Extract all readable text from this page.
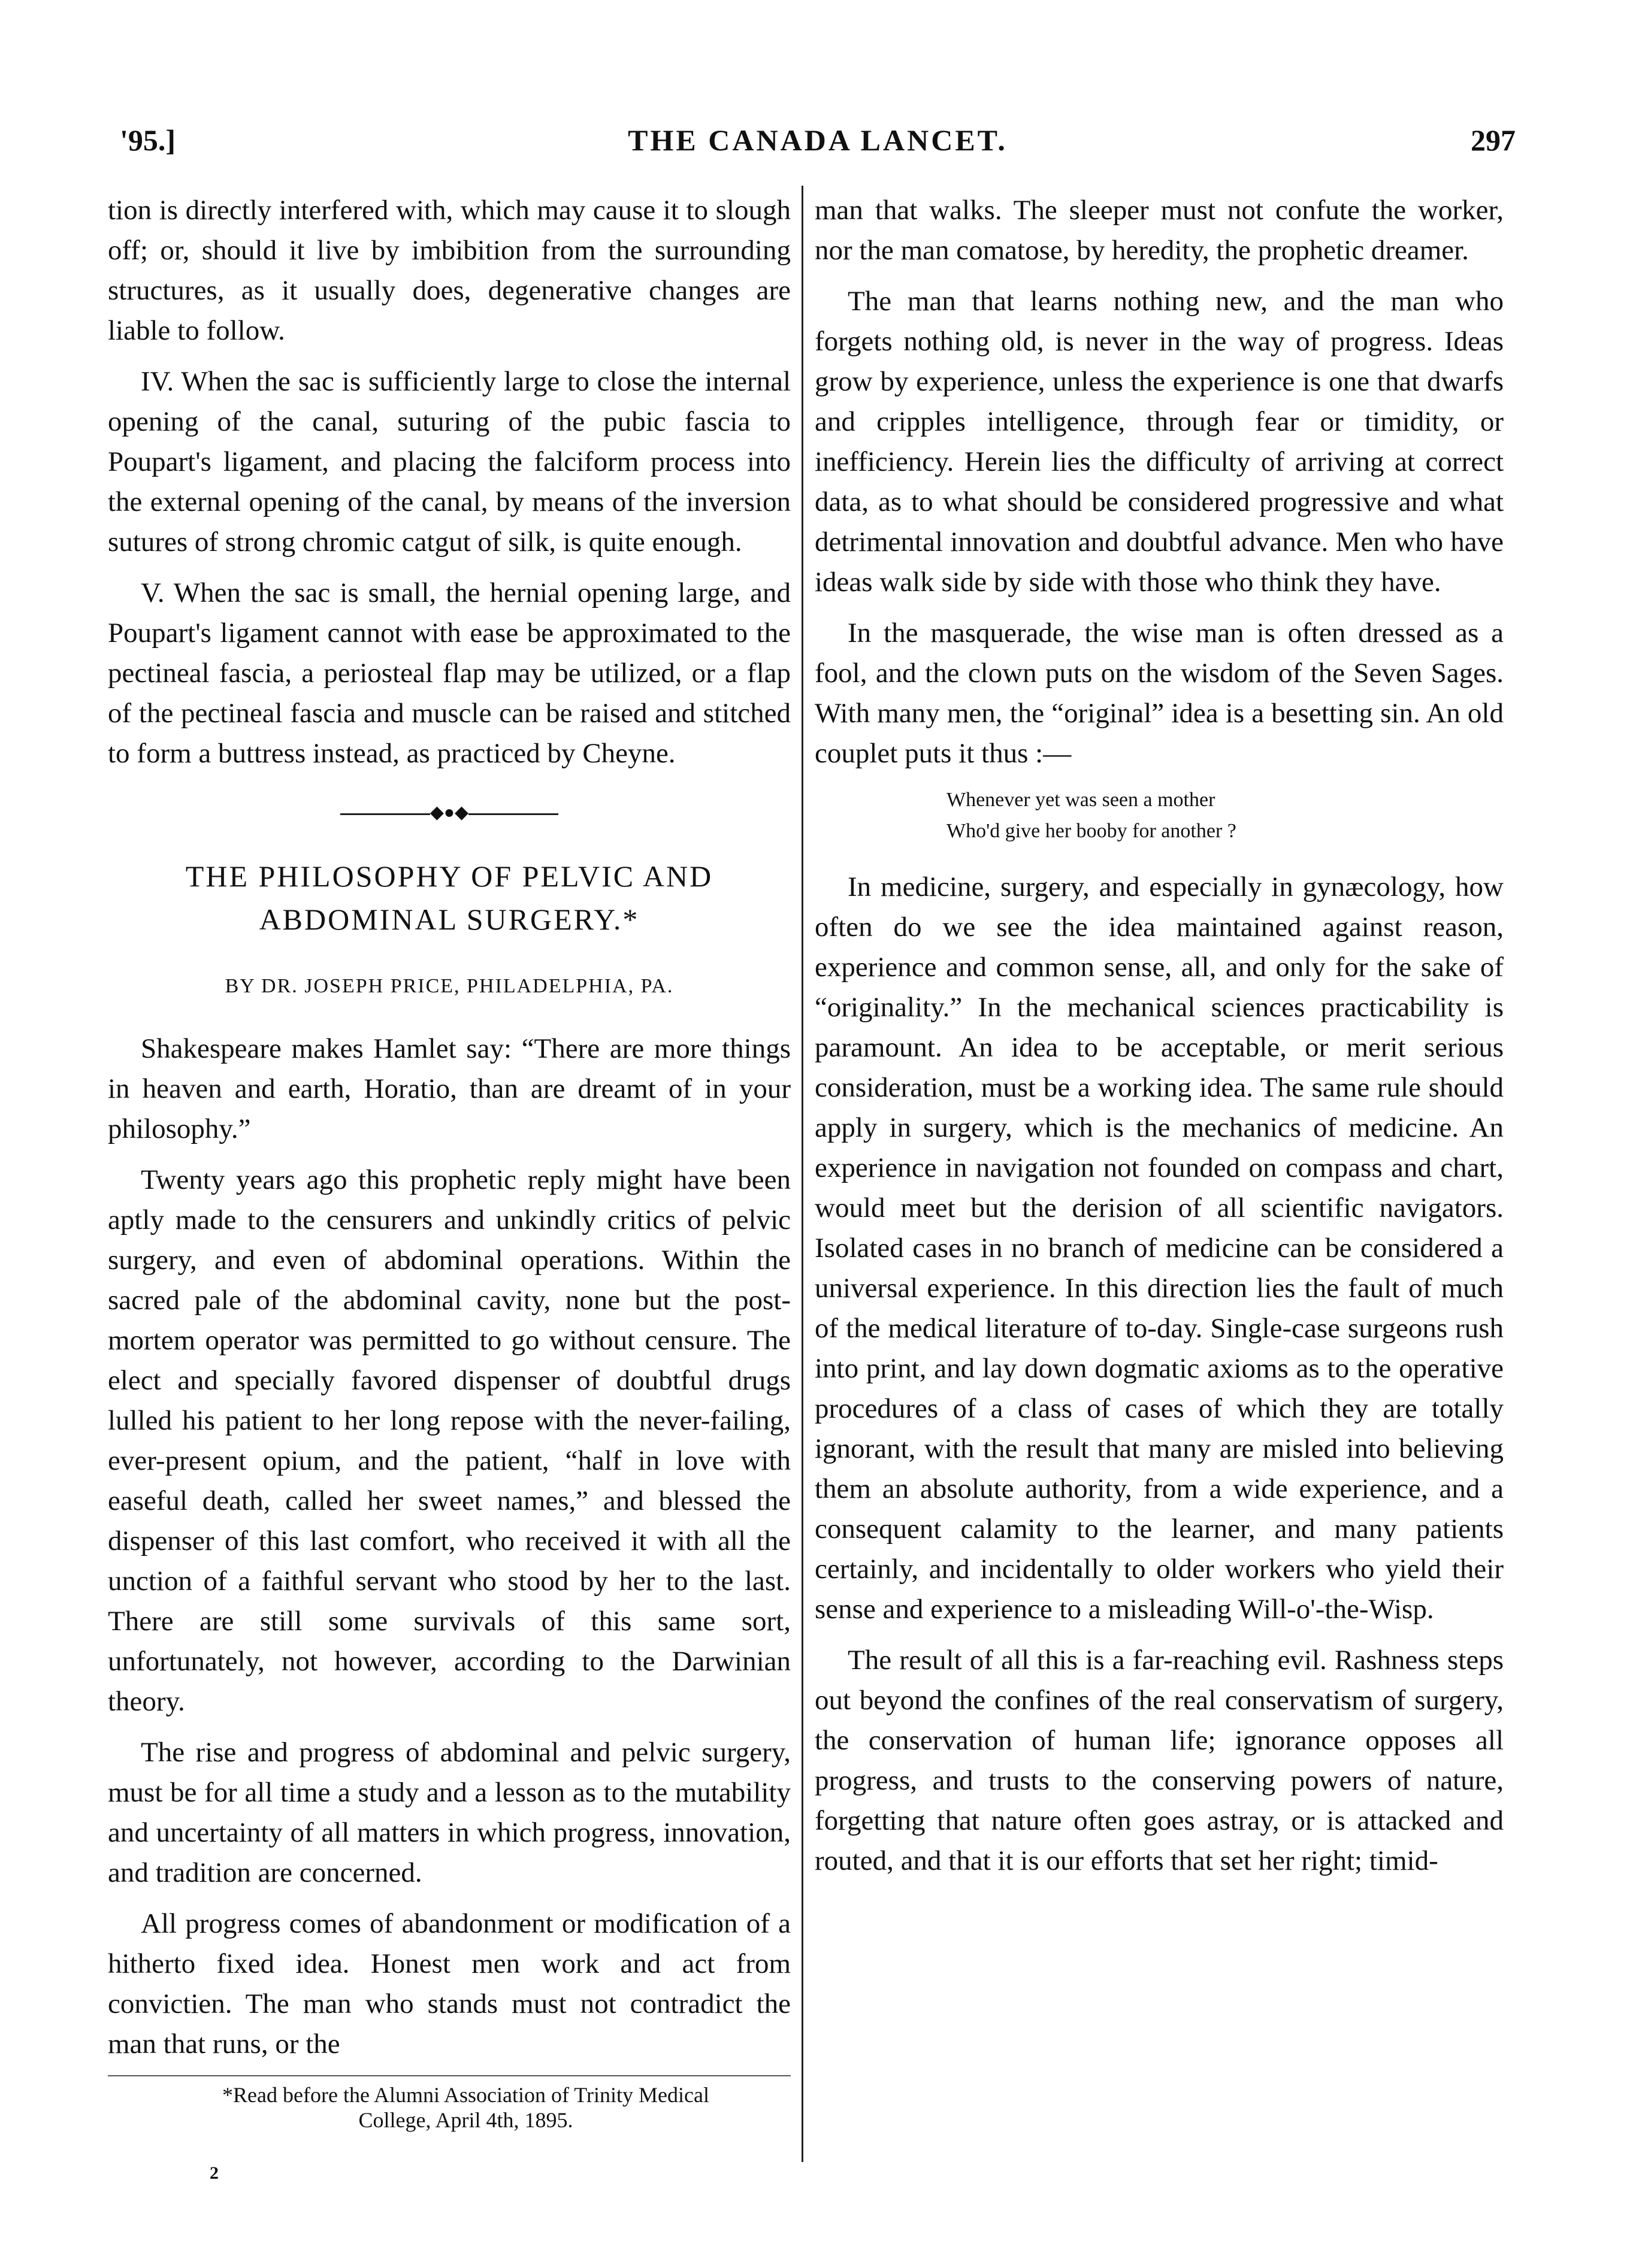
'95.]	THE CANADA LANCET.	297

tion is directly interfered with, which may cause it to slough off; or, should it live by imbibition from the surrounding structures, as it usually does, degenerative changes are liable to follow.

IV. When the sac is sufficiently large to close the internal opening of the canal, suturing of the pubic fascia to Poupart's ligament, and placing the falciform process into the external opening of the canal, by means of the inversion sutures of strong chromic catgut of silk, is quite enough.

V. When the sac is small, the hernial opening large, and Poupart's ligament cannot with ease be approximated to the pectineal fascia, a periosteal flap may be utilized, or a flap of the pectineal fascia and muscle can be raised and stitched to form a buttress instead, as practiced by Cheyne.

◆●◆
THE PHILOSOPHY OF PELVIC AND
ABDOMINAL SURGERY.*
BY DR. JOSEPH PRICE, PHILADELPHIA, PA.

Shakespeare makes Hamlet say: “There are more things in heaven and earth, Horatio, than are dreamt of in your philosophy.”

Twenty years ago this prophetic reply might have been aptly made to the censurers and unkindly critics of pelvic surgery, and even of abdominal operations. Within the sacred pale of the abdominal cavity, none but the post-mortem operator was permitted to go without censure. The elect and specially favored dispenser of doubtful drugs lulled his patient to her long repose with the never-failing, ever-present opium, and the patient, “half in love with easeful death, called her sweet names,” and blessed the dispenser of this last comfort, who received it with all the unction of a faithful servant who stood by her to the last. There are still some survivals of this same sort, unfortunately, not however, according to the Darwinian theory.

The rise and progress of abdominal and pelvic surgery, must be for all time a study and a lesson as to the mutability and uncertainty of all matters in which progress, innovation, and tradition are concerned.

All progress comes of abandonment or modification of a hitherto fixed idea. Honest men work and act from convictien. The man who stands must not contradict the man that runs, or the

*Read before the Alumni Association of Trinity Medical

College, April 4th, 1895.

2

man that walks. The sleeper must not confute the worker, nor the man comatose, by heredity, the prophetic dreamer.

The man that learns nothing new, and the man who forgets nothing old, is never in the way of progress. Ideas grow by experience, unless the experience is one that dwarfs and cripples intelligence, through fear or timidity, or inefficiency. Herein lies the difficulty of arriving at correct data, as to what should be considered progressive and what detrimental innovation and doubtful advance. Men who have ideas walk side by side with those who think they have.

In the masquerade, the wise man is often dressed as a fool, and the clown puts on the wisdom of the Seven Sages. With many men, the “original” idea is a besetting sin. An old couplet puts it thus :—

Whenever yet was seen a mother
Who'd give her booby for another ?

In medicine, surgery, and especially in gynæcology, how often do we see the idea maintained against reason, experience and common sense, all, and only for the sake of “originality.” In the mechanical sciences practicability is paramount. An idea to be acceptable, or merit serious consideration, must be a working idea. The same rule should apply in surgery, which is the mechanics of medicine. An experience in navigation not founded on compass and chart, would meet but the derision of all scientific navigators. Isolated cases in no branch of medicine can be considered a universal experience. In this direction lies the fault of much of the medical literature of to-day. Single-case surgeons rush into print, and lay down dogmatic axioms as to the operative procedures of a class of cases of which they are totally ignorant, with the result that many are misled into believing them an absolute authority, from a wide experience, and a consequent calamity to the learner, and many patients certainly, and incidentally to older workers who yield their sense and experience to a misleading Will-o'-the-Wisp.

The result of all this is a far-reaching evil. Rashness steps out beyond the confines of the real conservatism of surgery, the conservation of human life; ignorance opposes all progress, and trusts to the conserving powers of nature, forgetting that nature often goes astray, or is attacked and routed, and that it is our efforts that set her right; timid-
